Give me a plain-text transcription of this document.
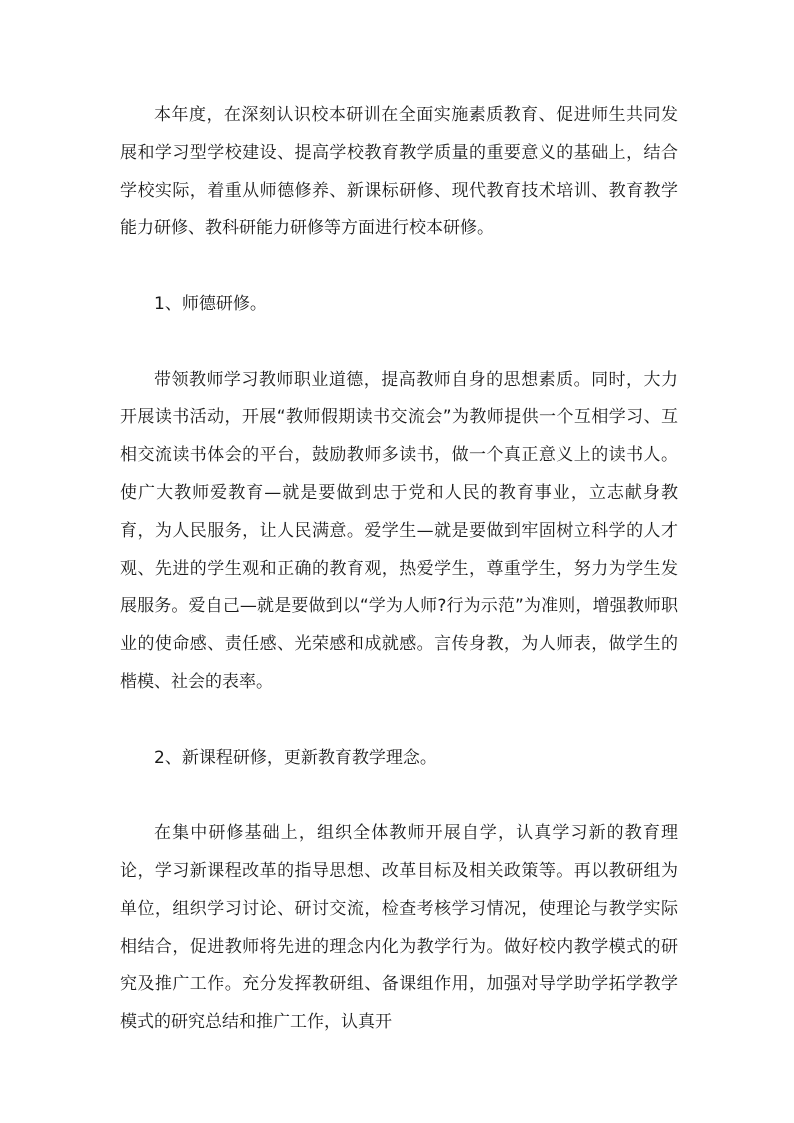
本年度，在深刻认识校本研训在全面实施素质教育、促进师生共同发展和学习型学校建设、提高学校教育教学质量的重要意义的基础上，结合学校实际，着重从师德修养、新课标研修、现代教育技术培训、教育教学能力研修、教科研能力研修等方面进行校本研修。

1、师德研修。

带领教师学习教师职业道德，提高教师自身的思想素质。同时，大力开展读书活动，开展“教师假期读书交流会”为教师提供一个互相学习、互相交流读书体会的平台，鼓励教师多读书，做一个真正意义上的读书人。使广大教师爱教育—就是要做到忠于党和人民的教育事业，立志献身教育，为人民服务，让人民满意。爱学生—就是要做到牢固树立科学的人才观、先进的学生观和正确的教育观，热爱学生，尊重学生，努力为学生发展服务。爱自己—就是要做到以“学为人师?行为示范”为准则，增强教师职业的使命感、责任感、光荣感和成就感。言传身教，为人师表，做学生的楷模、社会的表率。

2、新课程研修，更新教育教学理念。

在集中研修基础上，组织全体教师开展自学，认真学习新的教育理论，学习新课程改革的指导思想、改革目标及相关政策等。再以教研组为单位，组织学习讨论、研讨交流，检查考核学习情况，使理论与教学实际相结合，促进教师将先进的理念内化为教学行为。做好校内教学模式的研究及推广工作。充分发挥教研组、备课组作用，加强对导学助学拓学教学模式的研究总结和推广工作，认真开
